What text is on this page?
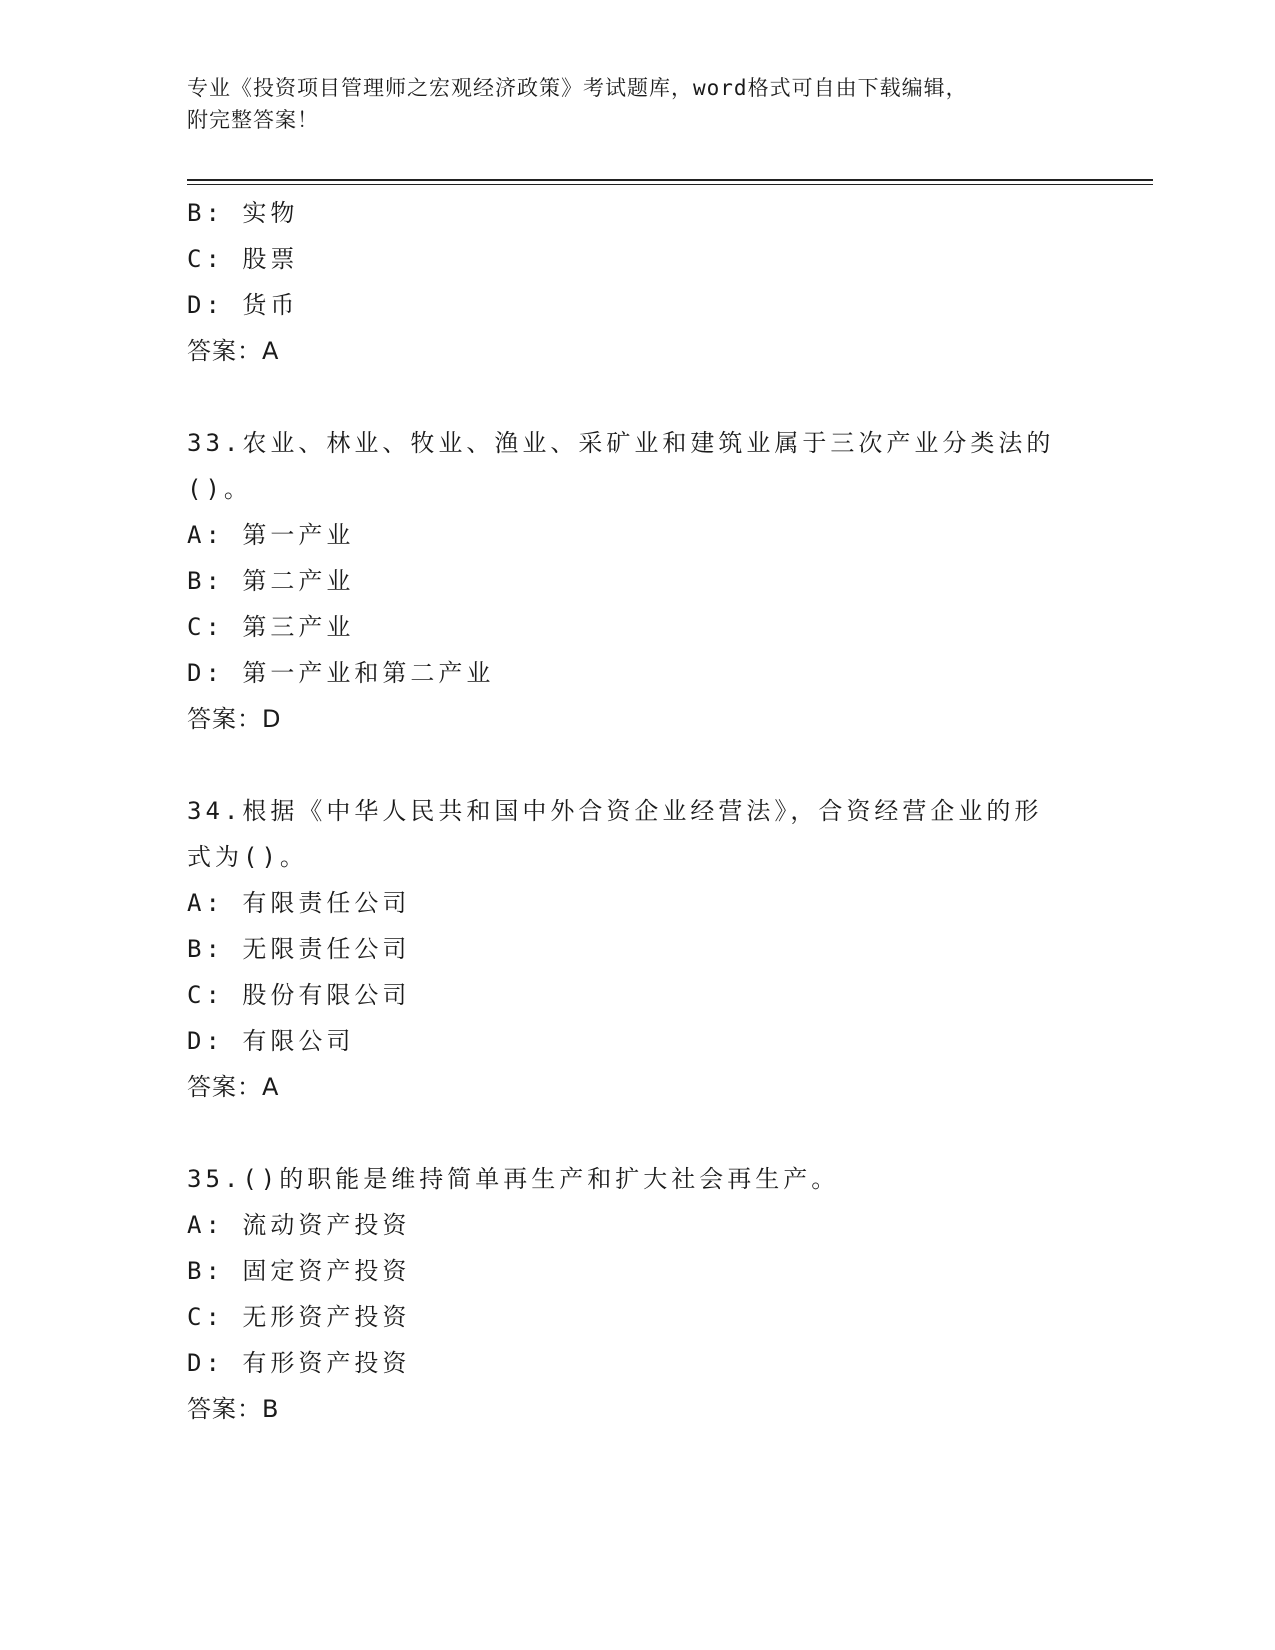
专业《投资项目管理师之宏观经济政策》考试题库，word格式可自由下载编辑，
附完整答案！
B: 实物
C: 股票
D: 货币
答案：A
33.农业、林业、牧业、渔业、采矿业和建筑业属于三次产业分类法的
()。
A: 第一产业
B: 第二产业
C: 第三产业
D: 第一产业和第二产业
答案：D
34.根据《中华人民共和国中外合资企业经营法》，合资经营企业的形
式为()。
A: 有限责任公司
B: 无限责任公司
C: 股份有限公司
D: 有限公司
答案：A
35.()的职能是维持简单再生产和扩大社会再生产。
A: 流动资产投资
B: 固定资产投资
C: 无形资产投资
D: 有形资产投资
答案：B
